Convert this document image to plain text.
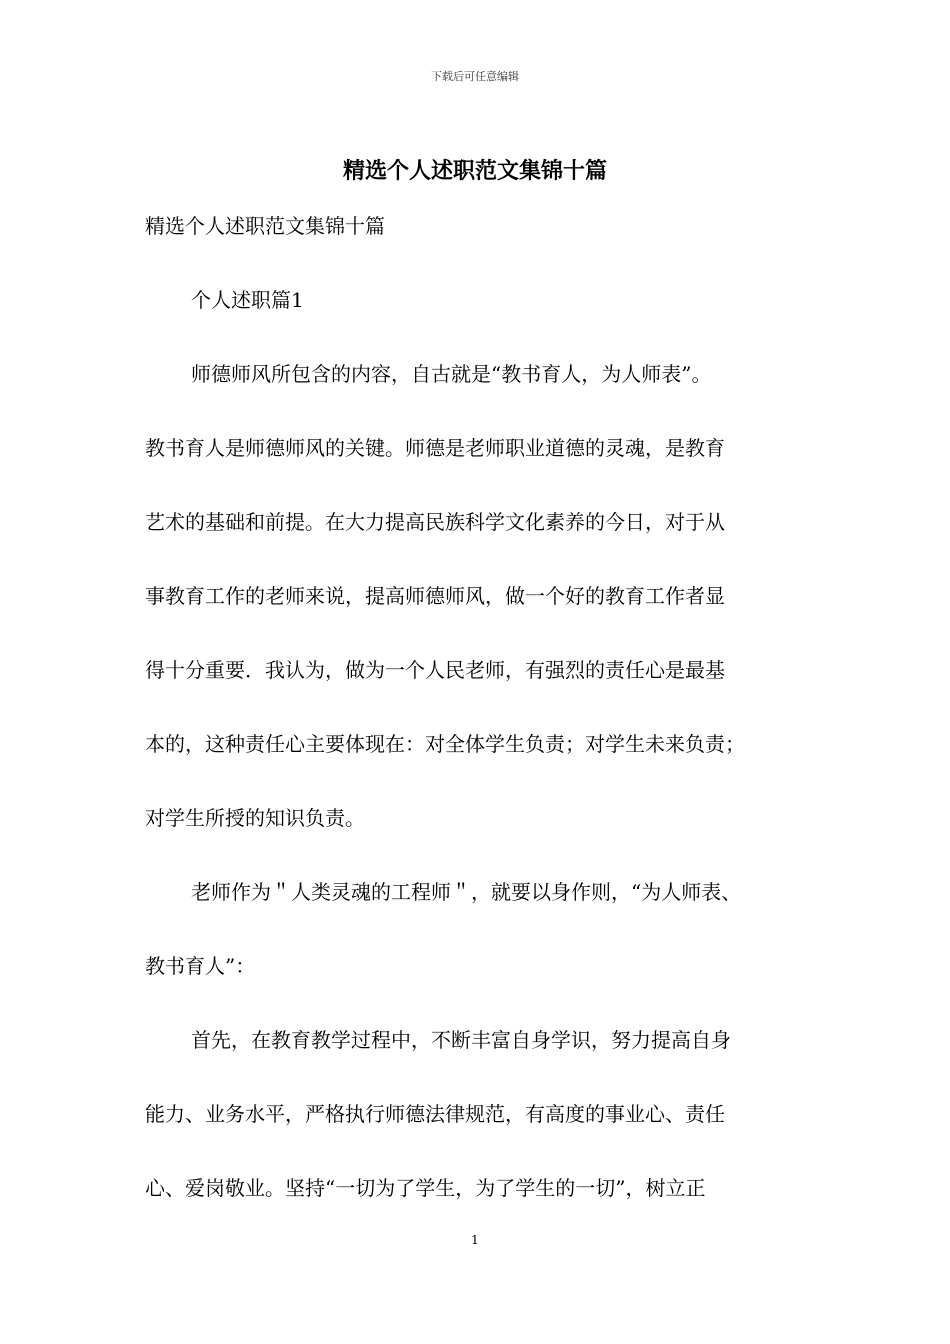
下载后可任意编辑
精选个人述职范文集锦十篇
精选个人述职范文集锦十篇
个人述职篇1
师德师风所包含的内容，自古就是“教书育人，为人师表”。
教书育人是师德师风的关键。师德是老师职业道德的灵魂，是教育
艺术的基础和前提。在大力提高民族科学文化素养的今日，对于从
事教育工作的老师来说，提高师德师风，做一个好的教育工作者显
得十分重要．我认为，做为一个人民老师，有强烈的责任心是最基
本的，这种责任心主要体现在：对全体学生负责；对学生未来负责；
对学生所授的知识负责。
老师作为＂人类灵魂的工程师＂，就要以身作则，“为人师表、
教书育人”：
首先，在教育教学过程中，不断丰富自身学识，努力提高自身
能力、业务水平，严格执行师德法律规范，有高度的事业心、责任
心、爱岗敬业。坚持“一切为了学生，为了学生的一切”，树立正
1
